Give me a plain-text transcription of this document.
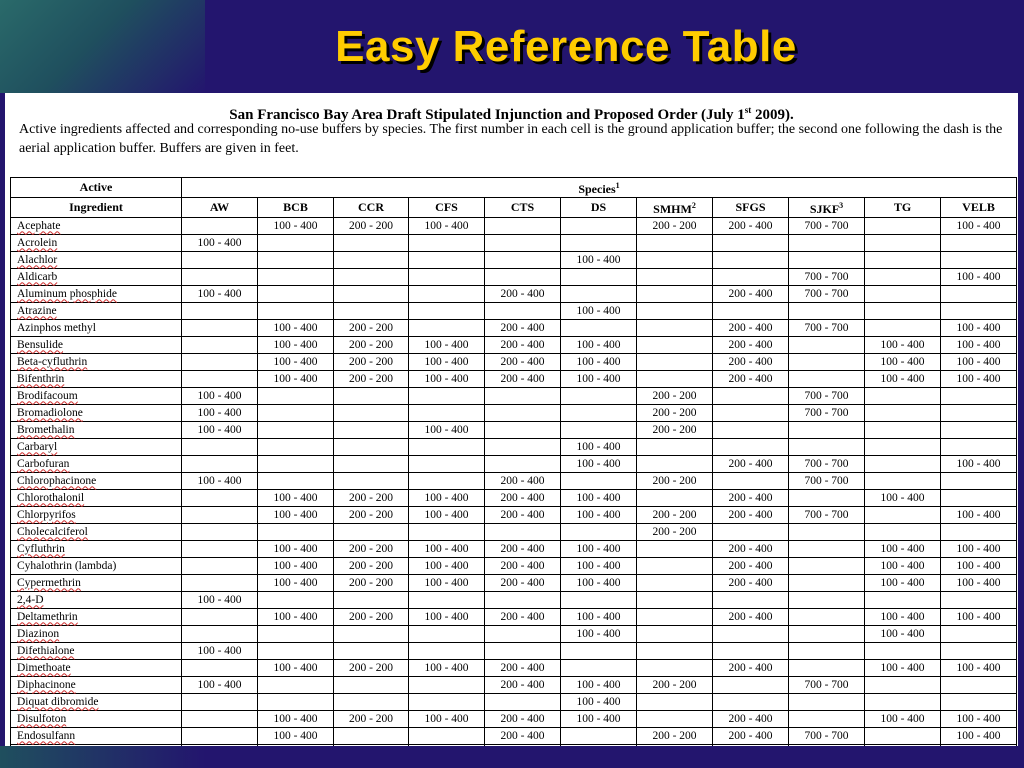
Easy Reference Table
San Francisco Bay Area Draft Stipulated Injunction and Proposed Order (July 1st 2009).
Active ingredients affected and corresponding no-use buffers by species. The first number in each cell is the ground application buffer; the second one following the dash is the aerial application buffer. Buffers are given in feet.
Active	Species$^1$
Ingredient	AW	BCB	CCR	CFS	CTS	DS	SMHM$^2$	SFGS	SJKF$^3$	TG	VELB
Acephate		100 - 400	200 - 200	100 - 400			200 - 200	200 - 400	700 - 700		100 - 400
Acrolein	100 - 400										
Alachlor						100 - 400					
Aldicarb									700 - 700		100 - 400
Aluminum phosphide	100 - 400				200 - 400			200 - 400	700 - 700		
Atrazine						100 - 400					
Azinphos methyl		100 - 400	200 - 200		200 - 400			200 - 400	700 - 700		100 - 400
Bensulide		100 - 400	200 - 200	100 - 400	200 - 400	100 - 400		200 - 400		100 - 400	100 - 400
Beta-cyfluthrin		100 - 400	200 - 200	100 - 400	200 - 400	100 - 400		200 - 400		100 - 400	100 - 400
Bifenthrin		100 - 400	200 - 200	100 - 400	200 - 400	100 - 400		200 - 400		100 - 400	100 - 400
Brodifacoum	100 - 400						200 - 200		700 - 700		
Bromadiolone	100 - 400						200 - 200		700 - 700		
Bromethalin	100 - 400			100 - 400			200 - 200				
Carbaryl						100 - 400					
Carbofuran						100 - 400		200 - 400	700 - 700		100 - 400
Chlorophacinone	100 - 400				200 - 400		200 - 200		700 - 700		
Chlorothalonil		100 - 400	200 - 200	100 - 400	200 - 400	100 - 400		200 - 400		100 - 400	
Chlorpyrifos		100 - 400	200 - 200	100 - 400	200 - 400	100 - 400	200 - 200	200 - 400	700 - 700		100 - 400
Cholecalciferol							200 - 200				
Cyfluthrin		100 - 400	200 - 200	100 - 400	200 - 400	100 - 400		200 - 400		100 - 400	100 - 400
Cyhalothrin (lambda)		100 - 400	200 - 200	100 - 400	200 - 400	100 - 400		200 - 400		100 - 400	100 - 400
Cypermethrin		100 - 400	200 - 200	100 - 400	200 - 400	100 - 400		200 - 400		100 - 400	100 - 400
2,4-D	100 - 400										
Deltamethrin		100 - 400	200 - 200	100 - 400	200 - 400	100 - 400		200 - 400		100 - 400	100 - 400
Diazinon						100 - 400				100 - 400	
Difethialone	100 - 400										
Dimethoate		100 - 400	200 - 200	100 - 400	200 - 400			200 - 400		100 - 400	100 - 400
Diphacinone	100 - 400				200 - 400	100 - 400	200 - 200		700 - 700		
Diquat dibromide						100 - 400					
Disulfoton		100 - 400	200 - 200	100 - 400	200 - 400	100 - 400		200 - 400		100 - 400	100 - 400
Endosulfann		100 - 400			200 - 400		200 - 200	200 - 400	700 - 700		100 - 400
